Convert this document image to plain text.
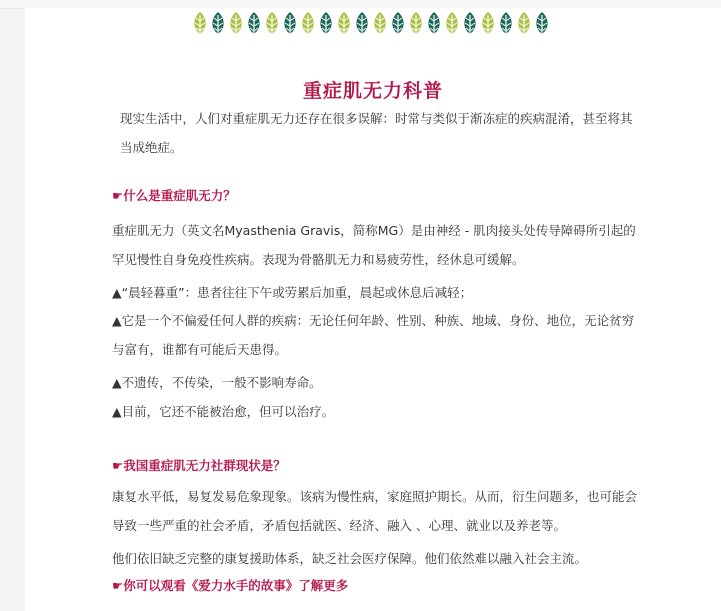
重症肌无力科普

现实生活中，人们对重症肌无力还存在很多误解：时常与类似于渐冻症的疾病混淆，甚至将其当成绝症。

☛什么是重症肌无力？

重症肌无力（英文名Myasthenia Gravis，简称MG）是由神经 - 肌肉接头处传导障碍所引起的罕见慢性自身免疫性疾病。表现为骨骼肌无力和易疲劳性，经休息可缓解。

▲“晨轻暮重”：患者往往下午或劳累后加重，晨起或休息后减轻；

▲它是一个不偏爱任何人群的疾病：无论任何年龄、性别、种族、地域、身份、地位，无论贫穷与富有，谁都有可能后天患得。

▲不遗传，不传染，一般不影响寿命。

▲目前，它还不能被治愈，但可以治疗。

☛我国重症肌无力社群现状是？

康复水平低，易复发易危象现象。该病为慢性病，家庭照护期长。从而，衍生问题多，也可能会导致一些严重的社会矛盾，矛盾包括就医、经济、融入 、心理、就业以及养老等。

他们依旧缺乏完整的康复援助体系，缺乏社会医疗保障。他们依然难以融入社会主流。

☛你可以观看《爱力水手的故事》了解更多
